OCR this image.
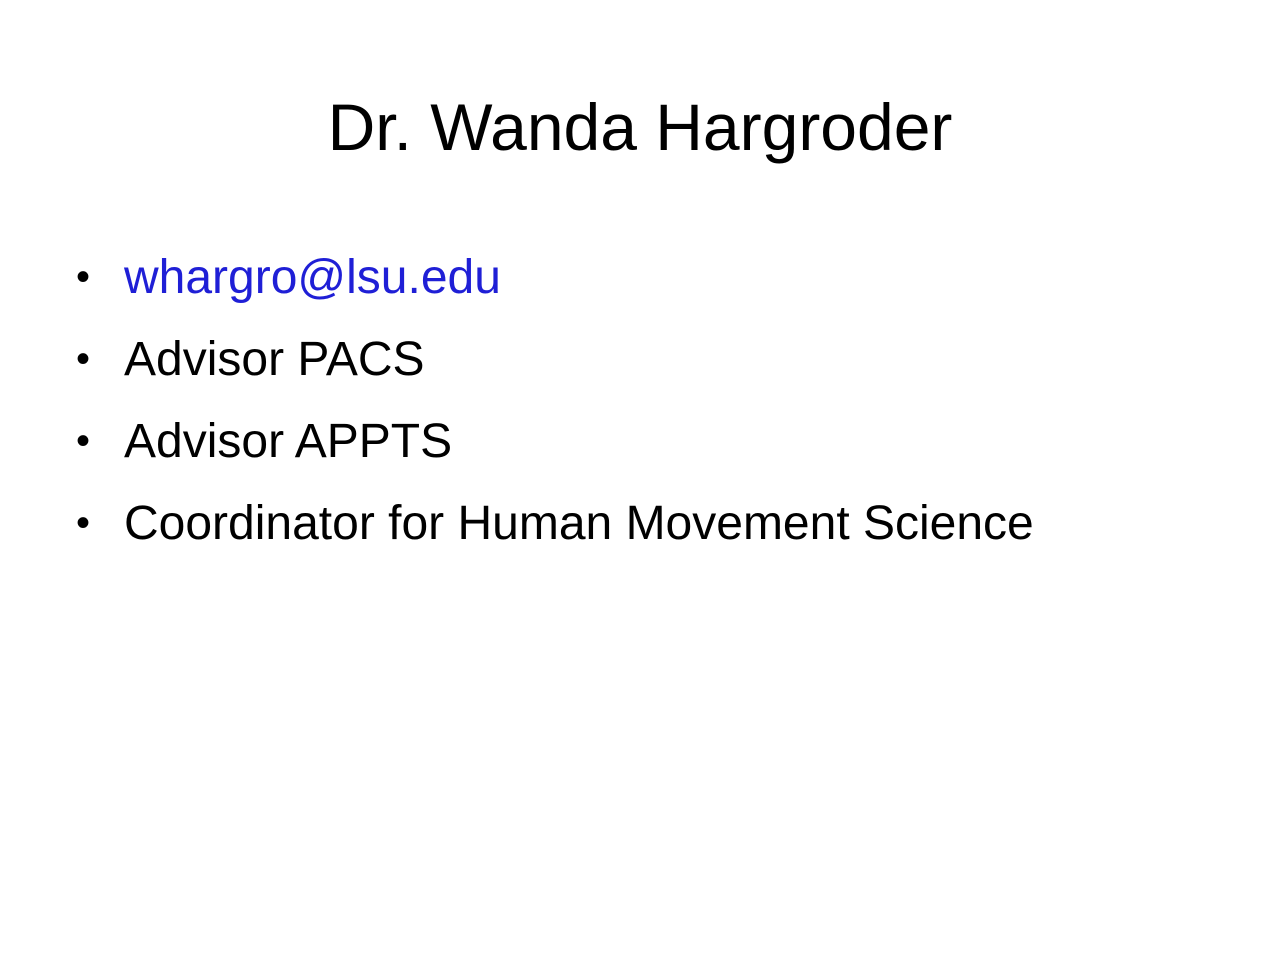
Dr. Wanda Hargroder
• whargro@lsu.edu
• Advisor PACS
• Advisor APPTS
• Coordinator for Human Movement Science
